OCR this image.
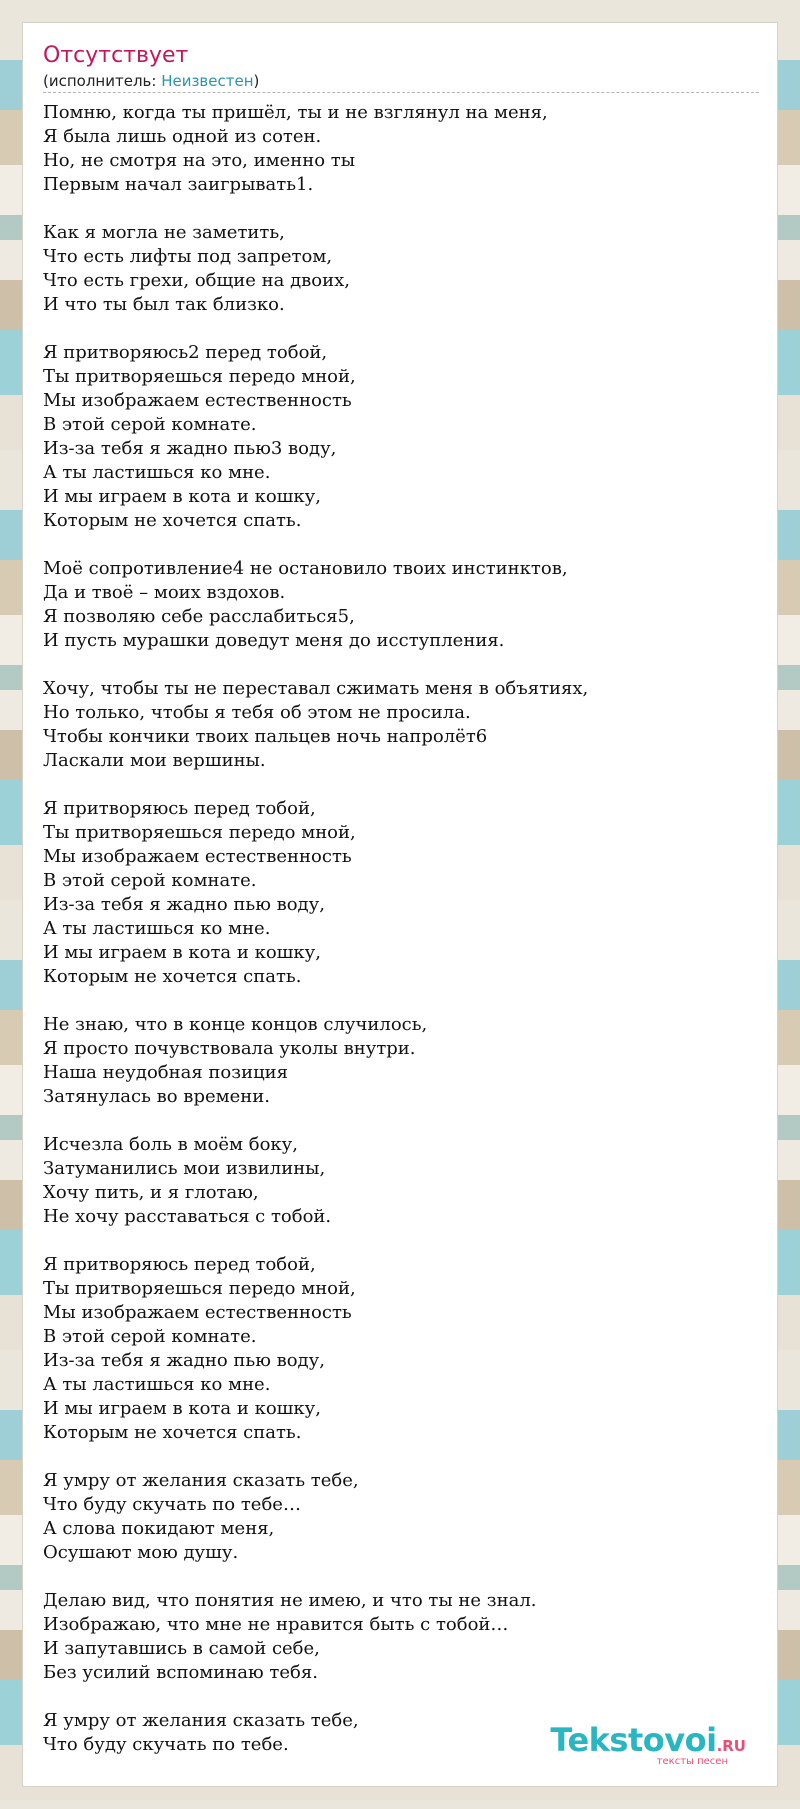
Отсутствует
(исполнитель: Неизвестен)
Помню, когда ты пришёл, ты и не взглянул на меня,
Я была лишь одной из сотен.
Но, не смотря на это, именно ты
Первым начал заигрывать1.
Как я могла не заметить,
Что есть лифты под запретом,
Что есть грехи, общие на двоих,
И что ты был так близко.
Я притворяюсь2 перед тобой,
Ты притворяешься передо мной,
Мы изображаем естественность
В этой серой комнате.
Из-за тебя я жадно пью3 воду,
А ты ластишься ко мне.
И мы играем в кота и кошку,
Которым не хочется спать.
Моё сопротивление4 не остановило твоих инстинктов,
Да и твоё – моих вздохов.
Я позволяю себе расслабиться5,
И пусть мурашки доведут меня до исступления.
Хочу, чтобы ты не переставал сжимать меня в объятиях,
Но только, чтобы я тебя об этом не просила.
Чтобы кончики твоих пальцев ночь напролёт6
Ласкали мои вершины.
Я притворяюсь перед тобой,
Ты притворяешься передо мной,
Мы изображаем естественность
В этой серой комнате.
Из-за тебя я жадно пью воду,
А ты ластишься ко мне.
И мы играем в кота и кошку,
Которым не хочется спать.
Не знаю, что в конце концов случилось,
Я просто почувствовала уколы внутри.
Наша неудобная позиция
Затянулась во времени.
Исчезла боль в моём боку,
Затуманились мои извилины,
Хочу пить, и я глотаю,
Не хочу расставаться с тобой.
Я притворяюсь перед тобой,
Ты притворяешься передо мной,
Мы изображаем естественность
В этой серой комнате.
Из-за тебя я жадно пью воду,
А ты ластишься ко мне.
И мы играем в кота и кошку,
Которым не хочется спать.
Я умру от желания сказать тебе,
Что буду скучать по тебе…
А слова покидают меня,
Осушают мою душу.
Делаю вид, что понятия не имею, и что ты не знал.
Изображаю, что мне не нравится быть с тобой…
И запутавшись в самой себе,
Без усилий вспоминаю тебя.
Я умру от желания сказать тебе,
Что буду скучать по тебе.	Tekstovoi.RU
тексты песен
